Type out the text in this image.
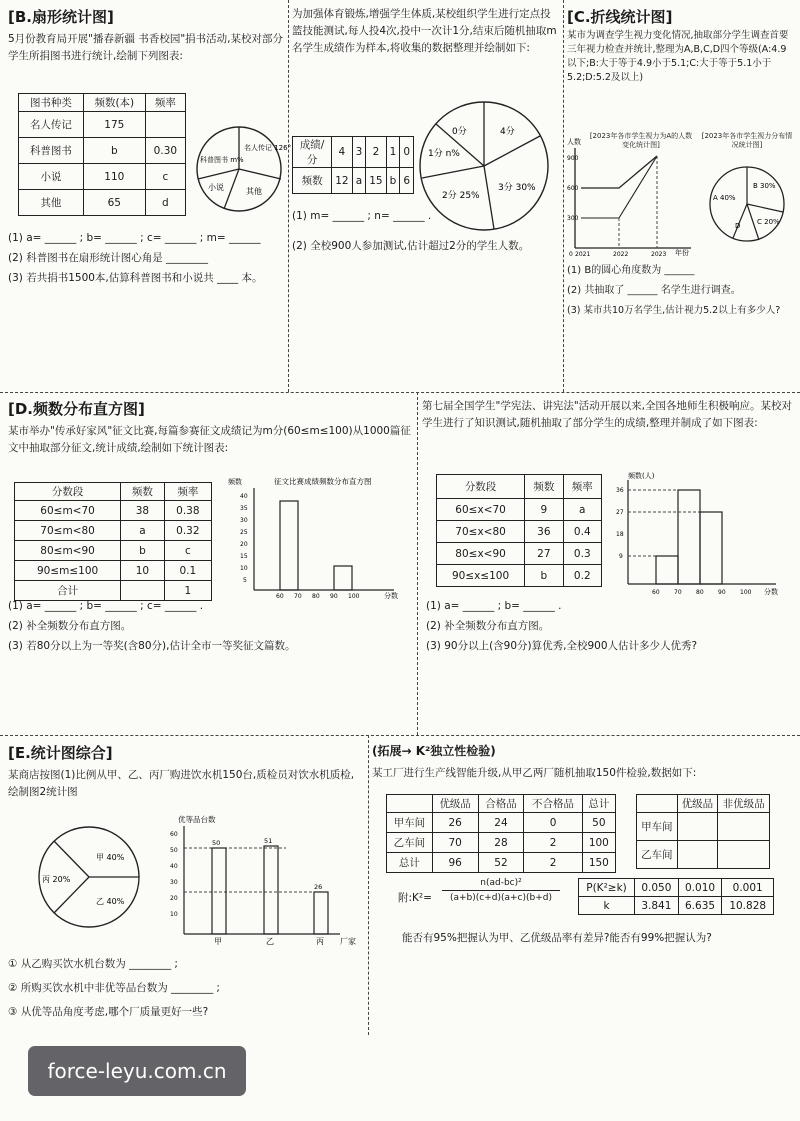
[B.扇形统计图]
5月份教育局开展"播春新疆 书香校园"捐书活动,某校对部分学生所捐图书进行统计,绘制下列图表:
图书种类	频数(本)	频率
名人传记	175	
科普图书	b	0.30
小说	110	c
其他	65	d
名人传记 126°
科普图书 m%
小说	其他
(1) a= ______ ; b= ______ ; c= ______ ; m= ______
(2) 科普图书在扇形统计图心角是 ________
(3) 若共捐书1500本,估算科普图书和小说共 ____ 本。
为加强体育锻炼,增强学生体质,某校组织学生进行定点投篮技能测试,每人投4次,投中一次计1分,结束后随机抽取m名学生成绩作为样本,将收集的数据整理并绘制如下:
成绩/分	4	3	2	1	0
频数	12	a	15	b	6
0分
1分 n%
2分 25%
3分 30%
4分
(1) m= ______ ; n= ______ .
(2) 全校900人参加测试,估计超过2分的学生人数。
[C.折线统计图]
某市为调查学生视力变化情况,抽取部分学生调查首要三年视力检查并统计,整理为A,B,C,D四个等级(A:4.9以下;B:大于等于4.9小于5.1;C:大于等于5.1小于5.2;D:5.2及以上)
[2023年各市学生视力为A的人数变化统计图]
[2023年各市学生视力分布情况统计图]
人数
900
600
300
0 2021	2022	2023 年份
A 40%
B 30%
C 20%
D
(1) B的圆心角度数为 ______
(2) 共抽取了 ______ 名学生进行调查。
(3) 某市共10万名学生,估计视力5.2以上有多少人?
[D.频数分布直方图]
某市举办"传承好家风"征文比赛,每篇参赛征文成绩记为m分(60≤m≤100)从1000篇征文中抽取部分征文,统计成绩,绘制如下统计图表:
分数段	频数	频率
60≤m<70	38	0.38
70≤m<80	a	0.32
80≤m<90	b	c
90≤m≤100	10	0.1
合计		1
征文比赛成绩频数分布直方图
频数
40
35
30
25
20
15
10
5
60 70 80 90 100	分数
(1) a= ______ ; b= ______ ; c= ______ .
(2) 补全频数分布直方图。
(3) 若80分以上为一等奖(含80分),估计全市一等奖征文篇数。
第七届全国学生"学宪法、讲宪法"活动开展以来,全国各地师生积极响应。某校对学生进行了知识测试,随机抽取了部分学生的成绩,整理并制成了如下图表:
分数段	频数	频率
60≤x<70	9	a
70≤x<80	36	0.4
80≤x<90	27	0.3
90≤x≤100	b	0.2
频数(人)
36
27
18
9
60 70 80 90 100 分数
(1) a= ______ ; b= ______ .
(2) 补全频数分布直方图。
(3) 90分以上(含90分)算优秀,全校900人估计多少人优秀?
[E.统计图综合]
某商店按图(1)比例从甲、乙、丙厂购进饮水机150台,质检员对饮水机质检,绘制图2统计图
甲 40%
乙 40%
丙 20%
优等品台数
60
50
40
30
20
10
50	51
26
甲	乙	丙 厂家
① 从乙购买饮水机台数为 ________ ;
② 所购买饮水机中非优等品台数为 ________ ;
③ 从优等品角度考虑,哪个厂质量更好一些?
(拓展→ K²独立性检验)
某工厂进行生产线智能升级,从甲乙两厂随机抽取150件检验,数据如下:
	优级品	合格品	不合格品	总计
甲车间	26	24	0	50
乙车间	70	28	2	100
总计	96	52	2	150
	优级品	非优级品
甲车间		
乙车间		
附:K²= $\frac{\text{n(ad-bc)²}}{(a+b)(c+d)(a+c)(b+d)}$	P(K²≥k)	0.050	0.010	0.001
k	3.841	6.635	10.828
能否有95%把握认为甲、乙优级品率有差异?能否有99%把握认为?
force-leyu.com.cn
